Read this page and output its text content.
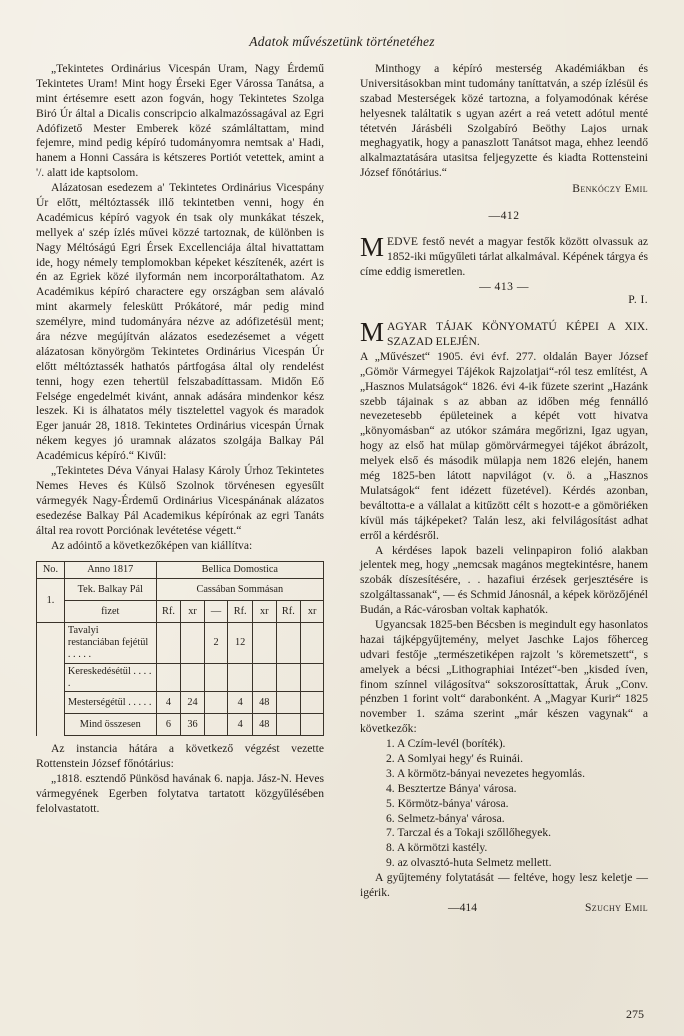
Adatok művészetünk történetéhez

„Tekintetes Ordinárius Vicespán Uram, Nagy Érdemű Tekintetes Uram! Mint hogy Érseki Eger Várossa Tanátsa, a mint értésemre esett azon fogván, hogy Tekintetes Szolga Biró Úr által a Dicalis conscripcio alkalmazóssagával az Egri Adófizető Mester Emberek közé számláltattam, mind fejemre, mind pedig képíró tudományomra nemtsak a' Hadi, hanem a Honni Cassára is kétszeres Portiót vetettek, amint a '/. alatt ide kaptsolom.

Alázatosan esedezem a' Tekintetes Ordinárius Vicespány Úr előtt, méltóztassék illő tekintetben venni, hogy én Académicus képíró vagyok én tsak oly munkákat tészek, mellyek a' szép ízlés művei közzé tartoznak, de különben is Nagy Méltóságú Egri Érsek Excellenciája által hivattattam ide, hogy némely templomokban képeket készítenék, azért is én az Egriek közé ilyformán nem incorporáltathatom. Az Académikus képíró charactere egy országban sem alávaló mint akarmely feleskütt Prókátoré, már pedig mind személyre, mind tudományára nézve az adófizetésül ment; ára nézve megújítván alázatos esedezésemet a végett alázatosan könyörgöm Tekintetes Ordinárius Vicespán Úr előtt méltóztassék hathatós pártfogása által oly rendelést tenni, hogy ezen tehertül felszabadíttassam. Midőn Eő Felsége engedelmét kivánt, annak adására mindenkor kész leszek. Ki is álhatatos mély tisztelettel vagyok és maradok Eger január 28, 1818. Tekintetes Ordinárius vicespán Úrnak nékem kegyes jó uramnak alázatos szolgája Balkay Pál Académicus képíró.“ Kivűl:

„Tekintetes Déva Ványai Halasy Károly Úrhoz Tekintetes Nemes Heves és Külső Szolnok törvénesen egyesűlt vármegyék Nagy-Érdemű Ordinárius Vicespánának alázatos esedezése Balkay Pál Academikus képírónak az egri Tanáts által rea rovott Porciónak levétetése végett.“

Az adóintő a következőképen van kiállítva:

No.	Anno 1817	Bellica Domostica						

1.	Tek. Balkay Pál	Cassában Sommásan						
	fizet	Rf.	xr	—	Rf.	xr	Rf.	xr
	Tavalyi restanciában fejétül . . . . .			2	12			
	Kereskedésétül . . . . .							
	Mesterségétül . . . . .	4	24		4	48		
	Mind összesen	6	36		4	48		

Az instancia hátára a következő végzést vezette Rottenstein József főnótárius:

„1818. esztendő Pünkösd havának 6. napja. Jász-N. Heves vármegyének Egerben folytatva tartatott közgyűlésében felolvastatott.

Minthogy a képíró mesterség Akadémiákban és Universitásokban mint tudomány taníttatván, a szép ízlésül és szabad Mesterségek közé tartozna, a folyamodónak kérése helyesnek találtatik s ugyan azért a reá vetett adótul menté tétetvén Járásbéli Szolgabíró Beöthy Lajos urnak meghagyatik, hogy a panaszlott Tanátsot maga, ehhez leendő alkalmaztatására utasitsa feljegyzette és kiadta Rottensteini József főnótárius.“

Benkóczy Emil

—412

M EDVE festő nevét a magyar festők között olvassuk az 1852-iki műgyűleti tárlat alkalmával. Képének tárgya és címe eddig ismeretlen.

— 413 —

P. I.

M AGYAR TÁJAK KÖNYOMATÚ KÉPEI A XIX. SZAZAD ELEJÉN.

A „Művészet“ 1905. évi évf. 277. oldalán Bayer József „Gömör Vármegyei Tájékok Rajzolatjai“-ról tesz említést, A „Hasznos Mulatságok“ 1826. évi 4-ik füzete szerint „Hazánk szebb tájainak s az abban az időben még fennálló nevezetesebb épületeinek a képét vott hivatva „könyomásban“ az utókor számára megőrizni, Igaz ugyan, hogy az első hat mülap gömörvármegyei tájékot ábrázolt, melyek első és második mülapja nem 1826 elején, hanem még 1825-ben látott napvilágot (v. ö. a „Hasznos Mulatságok“ fent idézett füzetével). Kérdés azonban, beváltotta-e a vállalat a kitűzött célt s hozott-e a gömöriéken kívül más tájképeket? Talán lesz, aki felvilágosítást adhat erről a kérdésről.

A kérdéses lapok bazeli velinpapiron folió alakban jelentek meg, hogy „nemcsak magános megtekintésre, hanem szobák díszesítésére, . . hazafiui érzések gerjesztésére is szolgáltassanak“, — és Schmid Jánosnál, a képek körözőjénél Budán, a Rác-városban voltak kaphatók.

Ugyancsak 1825-ben Bécsben is megindult egy hasonlatos hazai tájképgyűjtemény, melyet Jaschke Lajos főherceg udvari festője „természetiképen rajzolt 's köremetszett“, s amelyek a bécsi „Lithographiai Intézet“-ben „kisded íven, finom színnel világosítva“ sokszorosíttattak, Áruk „Conv. pénzben 1 forint volt“ darabonként. A „Magyar Kurir“ 1825 november 1. száma szerint „már készen vagynak“ a következők:

1. A Czím-levél (boríték).
2. A Somlyai hegy' és Ruinái.
3. A körmötz-bányai nevezetes hegyomlás.
4. Besztertze Bánya' városa.
5. Körmötz-bánya' városa.
6. Selmetz-bánya' városa.
7. Tarczal és a Tokaji szőllőhegyek.
8. A körmötzi kastély.
9. az olvasztó-huta Selmetz mellett.

A gyűjtemény folytatását — feltéve, hogy lesz keletje — igérik.

—414	Szuchy Emil
275
